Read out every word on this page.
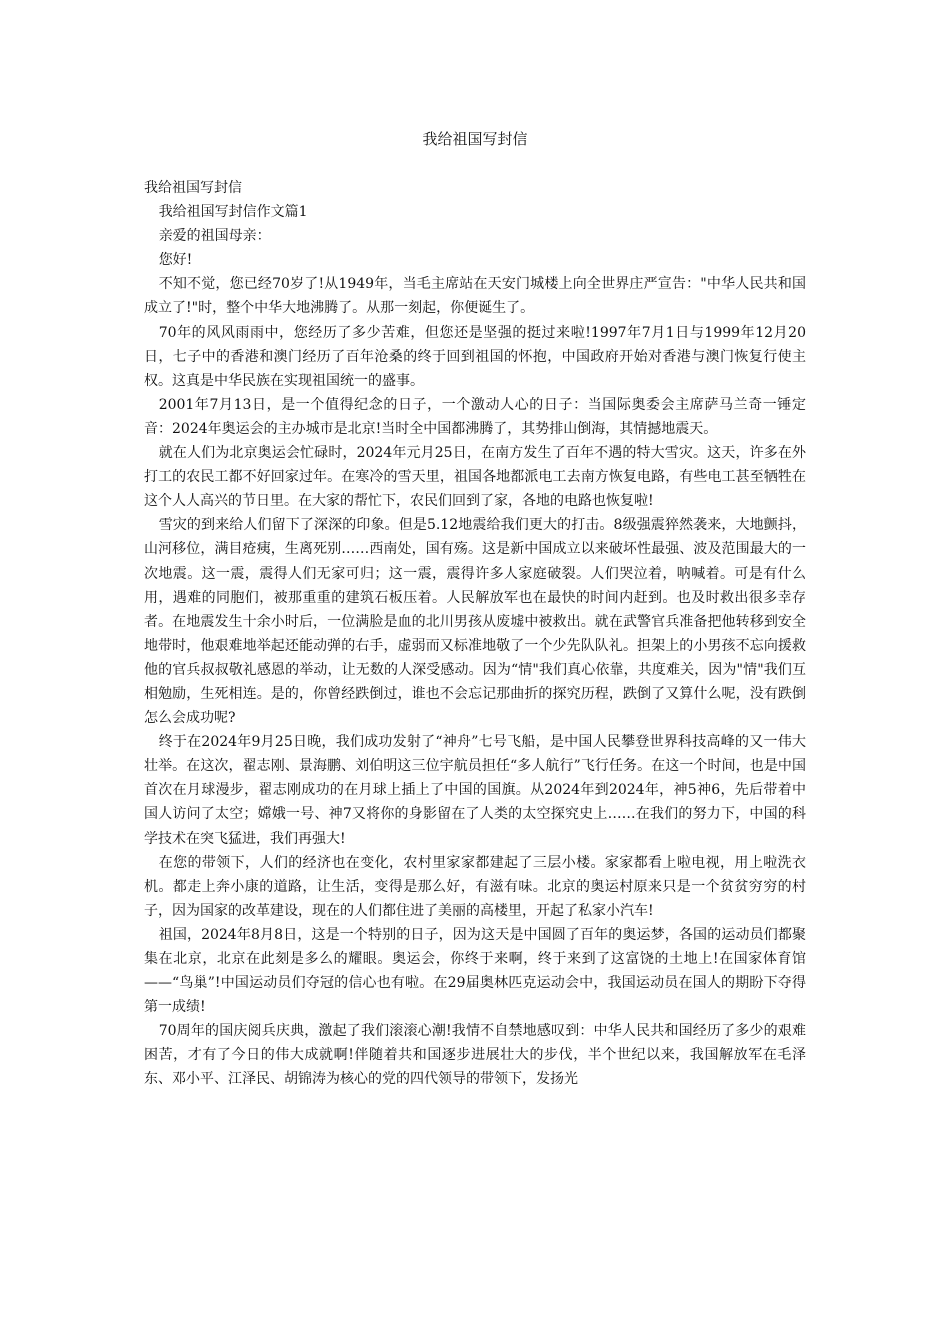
我给祖国写封信

我给祖国写封信

我给祖国写封信作文篇1

亲爱的祖国母亲：

您好!

不知不觉，您已经70岁了!从1949年，当毛主席站在天安门城楼上向全世界庄严宣告："中华人民共和国成立了!"时，整个中华大地沸腾了。从那一刻起，你便诞生了。

70年的风风雨雨中，您经历了多少苦难，但您还是坚强的挺过来啦!1997年7月1日与1999年12月20日，七子中的香港和澳门经历了百年沧桑的终于回到祖国的怀抱，中国政府开始对香港与澳门恢复行使主权。这真是中华民族在实现祖国统一的盛事。

2001年7月13日，是一个值得纪念的日子，一个激动人心的日子：当国际奥委会主席萨马兰奇一锤定音：2024年奥运会的主办城市是北京!当时全中国都沸腾了，其势排山倒海，其情撼地震天。

就在人们为北京奥运会忙碌时，2024年元月25日，在南方发生了百年不遇的特大雪灾。这天，许多在外打工的农民工都不好回家过年。在寒冷的雪天里，祖国各地都派电工去南方恢复电路，有些电工甚至牺牲在这个人人高兴的节日里。在大家的帮忙下，农民们回到了家，各地的电路也恢复啦!

雪灾的到来给人们留下了深深的印象。但是5.12地震给我们更大的打击。8级强震猝然袭来，大地颤抖，山河移位，满目疮痍，生离死别……西南处，国有殇。这是新中国成立以来破坏性最强、波及范围最大的一次地震。这一震，震得人们无家可归；这一震，震得许多人家庭破裂。人们哭泣着，呐喊着。可是有什么用，遇难的同胞们，被那重重的建筑石板压着。人民解放军也在最快的时间内赶到。也及时救出很多幸存者。在地震发生十余小时后，一位满脸是血的北川男孩从废墟中被救出。就在武警官兵准备把他转移到安全地带时，他艰难地举起还能动弹的右手，虚弱而又标准地敬了一个少先队队礼。担架上的小男孩不忘向援救他的官兵叔叔敬礼感恩的举动，让无数的人深受感动。因为“情"我们真心依靠，共度难关，因为"情"我们互相勉励，生死相连。是的，你曾经跌倒过，谁也不会忘记那曲折的探究历程，跌倒了又算什么呢，没有跌倒怎么会成功呢?

终于在2024年9月25日晚，我们成功发射了“神舟”七号飞船，是中国人民攀登世界科技高峰的又一伟大壮举。在这次，翟志刚、景海鹏、刘伯明这三位宇航员担任“多人航行”飞行任务。在这一个时间，也是中国首次在月球漫步，翟志刚成功的在月球上插上了中国的国旗。从2024年到2024年，神5神6，先后带着中国人访问了太空；嫦娥一号、神7又将你的身影留在了人类的太空探究史上……在我们的努力下，中国的科学技术在突飞猛进，我们再强大!

在您的带领下，人们的经济也在变化，农村里家家都建起了三层小楼。家家都看上啦电视，用上啦洗衣机。都走上奔小康的道路，让生活，变得是那么好，有滋有味。北京的奥运村原来只是一个贫贫穷穷的村子，因为国家的改革建设，现在的人们都住进了美丽的高楼里，开起了私家小汽车!

祖国，2024年8月8日，这是一个特别的日子，因为这天是中国圆了百年的奥运梦，各国的运动员们都聚集在北京，北京在此刻是多么的耀眼。奥运会，你终于来啊，终于来到了这富饶的土地上!在国家体育馆——“鸟巢”!中国运动员们夺冠的信心也有啦。在29届奥林匹克运动会中，我国运动员在国人的期盼下夺得第一成绩!

70周年的国庆阅兵庆典，激起了我们滚滚心潮!我情不自禁地感叹到：中华人民共和国经历了多少的艰难困苦，才有了今日的伟大成就啊!伴随着共和国逐步进展壮大的步伐，半个世纪以来，我国解放军在毛泽东、邓小平、江泽民、胡锦涛为核心的党的四代领导的带领下，发扬光
